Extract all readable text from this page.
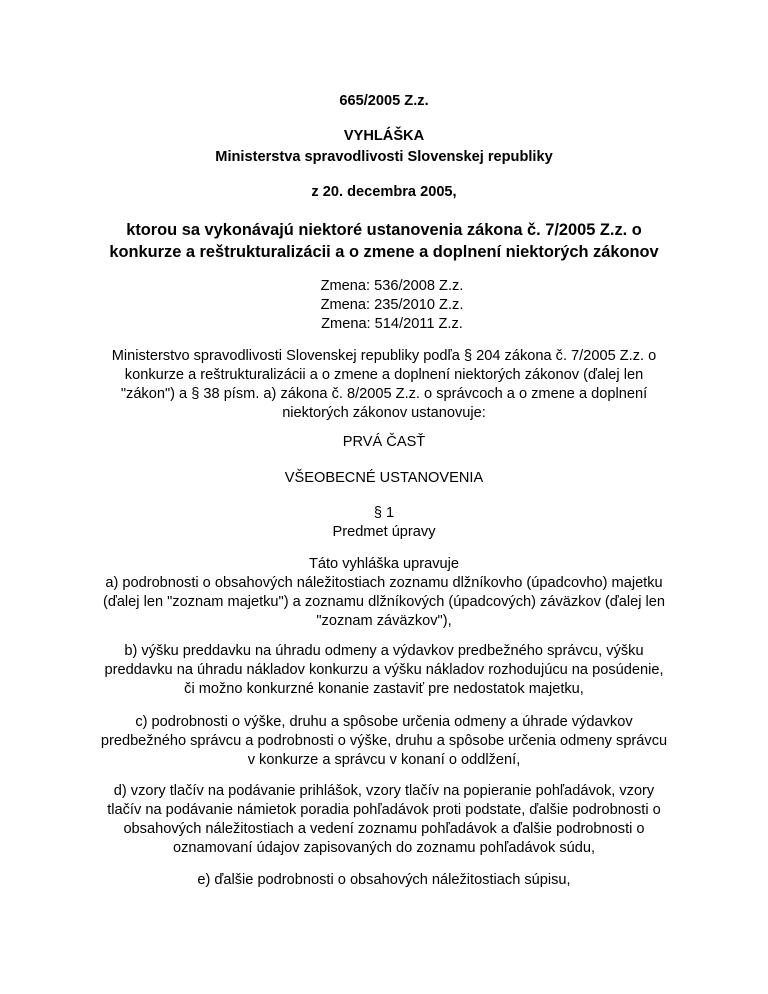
665/2005 Z.z.
VYHLÁŠKA
Ministerstva spravodlivosti Slovenskej republiky
z 20. decembra 2005,
ktorou sa vykonávajú niektoré ustanovenia zákona č. 7/2005 Z.z. o
konkurze a reštrukturalizácii a o zmene a doplnení niektorých zákonov
Zmena: 536/2008 Z.z.
Zmena: 235/2010 Z.z.
Zmena: 514/2011 Z.z.
Ministerstvo spravodlivosti Slovenskej republiky podľa § 204 zákona č. 7/2005 Z.z. o
konkurze a reštrukturalizácii a o zmene a doplnení niektorých zákonov (ďalej len
"zákon") a § 38 písm. a) zákona č. 8/2005 Z.z. o správcoch a o zmene a doplnení
niektorých zákonov ustanovuje:
PRVÁ ČASŤ
VŠEOBECNÉ USTANOVENIA
§ 1
Predmet úpravy
Táto vyhláška upravuje
a) podrobnosti o obsahových náležitostiach zoznamu dlžníkovho (úpadcovho) majetku
(ďalej len "zoznam majetku") a zoznamu dlžníkových (úpadcových) záväzkov (ďalej len
"zoznam záväzkov"),
b) výšku preddavku na úhradu odmeny a výdavkov predbežného správcu, výšku
preddavku na úhradu nákladov konkurzu a výšku nákladov rozhodujúcu na posúdenie,
či možno konkurzné konanie zastaviť pre nedostatok majetku,
c) podrobnosti o výške, druhu a spôsobe určenia odmeny a úhrade výdavkov
predbežného správcu a podrobnosti o výške, druhu a spôsobe určenia odmeny správcu
v konkurze a správcu v konaní o oddlžení,
d) vzory tlačív na podávanie prihlášok, vzory tlačív na popieranie pohľadávok, vzory
tlačív na podávanie námietok poradia pohľadávok proti podstate, ďalšie podrobnosti o
obsahových náležitostiach a vedení zoznamu pohľadávok a ďalšie podrobnosti o
oznamovaní údajov zapisovaných do zoznamu pohľadávok súdu,
e) ďalšie podrobnosti o obsahových náležitostiach súpisu,
